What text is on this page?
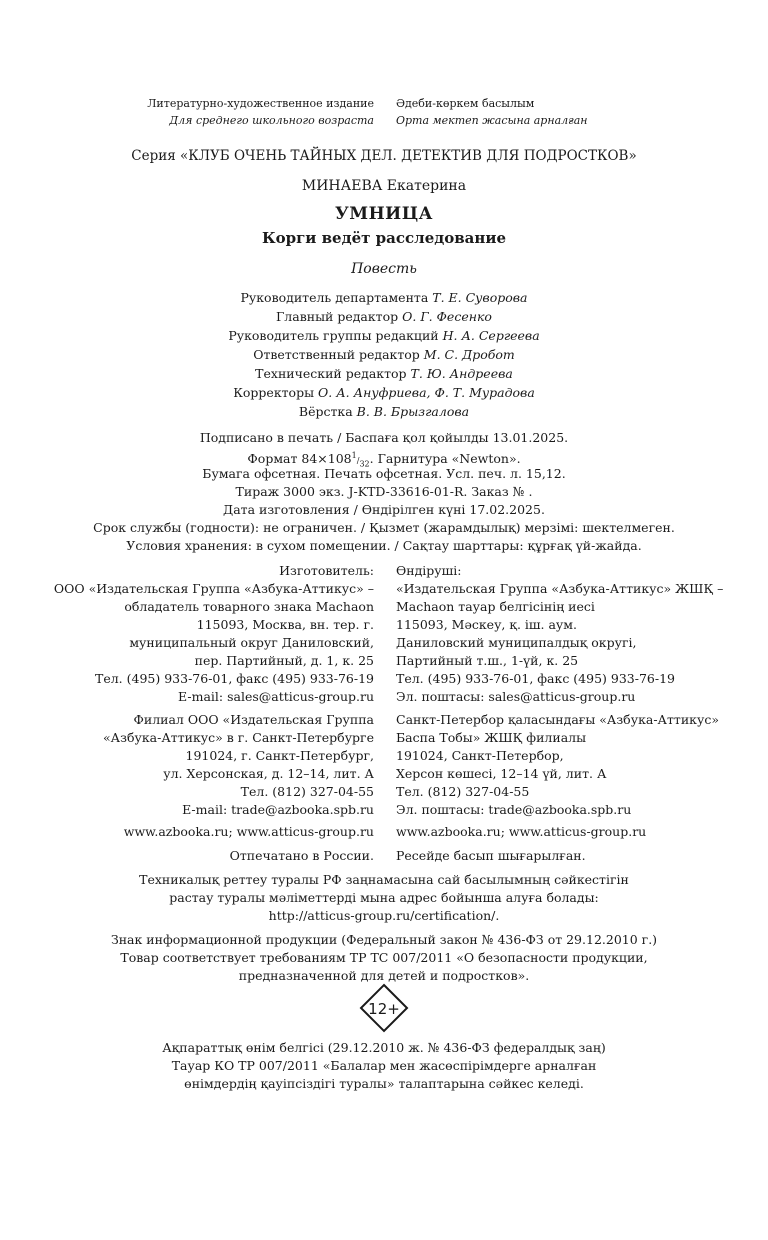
Литературно-художественное издание
Для среднего школьного возраста
Әдеби-көркем басылым
Орта мектеп жасына арналған
Серия «КЛУБ ОЧЕНЬ ТАЙНЫХ ДЕЛ. ДЕТЕКТИВ ДЛЯ ПОДРОСТКОВ»
МИНАЕВА Екатерина
УМНИЦА
Корги ведёт расследование
Повесть
Руководитель департамента Т. Е. Суворова
Главный редактор О. Г. Фесенко
Руководитель группы редакций Н. А. Сергеева
Ответственный редактор М. С. Дробот
Технический редактор Т. Ю. Андреева
Корректоры О. А. Ануфриева, Ф. Т. Мурадова
Вёрстка В. В. Брызгалова
Подписано в печать / Баспаға қол қойылды 13.01.2025.
Формат $84\times 108^1/_{32}$. Гарнитура «Newton».
Бумага офсетная. Печать офсетная. Усл. печ. л. 15,12.
Тираж 3000 экз. J-KTD-33616-01-R. Заказ № .
Дата изготовления / Өндірілген күні 17.02.2025.
Срок службы (годности): не ограничен. / Қызмет (жарамдылық) мерзімі: шектелмеген.
Условия хранения: в сухом помещении. / Сақтау шарттары: құрғақ үй-жайда.
Изготовитель:
ООО «Издательская Группа «Азбука-Аттикус» –
обладатель товарного знака Machaon
115093, Москва, вн. тер. г.
муниципальный округ Даниловский,
пер. Партийный, д. 1, к. 25
Тел. (495) 933-76-01, факс (495) 933-76-19
E-mail: sales@atticus-group.ru
Өндіруші:
«Издательская Группа «Азбука-Аттикус» ЖШҚ –
Machaon тауар белгісінің иесі
115093, Мәскеу, қ. іш. аум.
Даниловский муниципалдық округі,
Партийный т.ш., 1-үй, к. 25
Тел. (495) 933-76-01, факс (495) 933-76-19
Эл. поштасы: sales@atticus-group.ru
Филиал ООО «Издательская Группа
«Азбука-Аттикус» в г. Санкт-Петербурге
191024, г. Санкт-Петербург,
ул. Херсонская, д. 12–14, лит. А
Тел. (812) 327-04-55
E-mail: trade@azbooka.spb.ru
Санкт-Петербор қаласындағы «Азбука-Аттикус»
Баспа Тобы» ЖШҚ филиалы
191024, Санкт-Петербор,
Херсон көшесі, 12–14 үй, лит. А
Тел. (812) 327-04-55
Эл. поштасы: trade@azbooka.spb.ru
www.azbooka.ru; www.atticus-group.ru www.azbooka.ru; www.atticus-group.ru
Отпечатано в России. Ресейде басып шығарылған.
Техникалық реттеу туралы РФ заңнамасына сай басылымның сәйкестігін
растау туралы мәліметтерді мына адрес бойынша алуға болады:
http://atticus-group.ru/certification/.
Знак информационной продукции (Федеральный закон № 436-ФЗ от 29.12.2010 г.)
Товар соответствует требованиям ТР ТС 007/2011 «О безопасности продукции,
предназначенной для детей и подростков».
12+
Ақпараттық өнім белгісі (29.12.2010 ж. № 436-ФЗ федералдық заң)
Тауар КО ТР 007/2011 «Балалар мен жасөспірімдерге арналған
өнімдердің қауіпсіздігі туралы» талаптарына сәйкес келеді.
